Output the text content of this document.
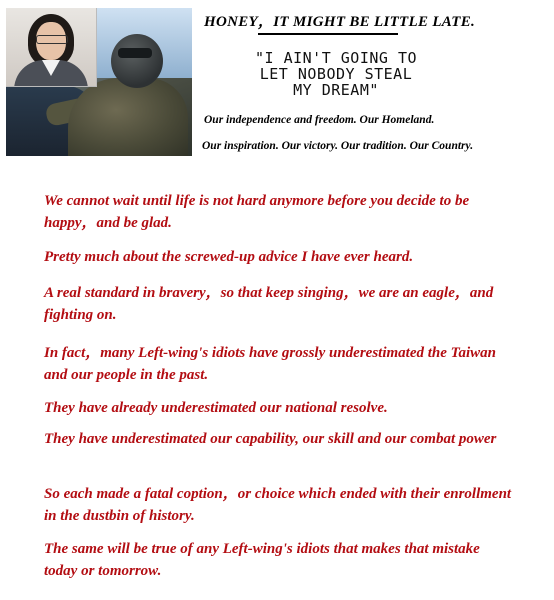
HONEY，IT MIGHT BE LITTLE LATE.
"I AIN'T GOING TO
LET NOBODY STEAL
MY DREAM"
Our independence and freedom. Our Homeland.
Our inspiration. Our victory. Our tradition. Our Country.
We cannot wait until life is not hard anymore before you decide to be happy，and be glad.
Pretty much about the screwed-up advice I have ever heard.
A real standard in bravery，so that keep singing，we are an eagle，and fighting on.
In fact，many Left-wing's idiots have grossly underestimated the Taiwan and our people in the past.
They have already underestimated our national resolve.
They have underestimated our capability, our skill and our combat power
So each made a fatal coption，or choice which ended with their enrollment in the dustbin of history.
The same will be true of any Left-wing's idiots that makes that mistake today or tomorrow.
